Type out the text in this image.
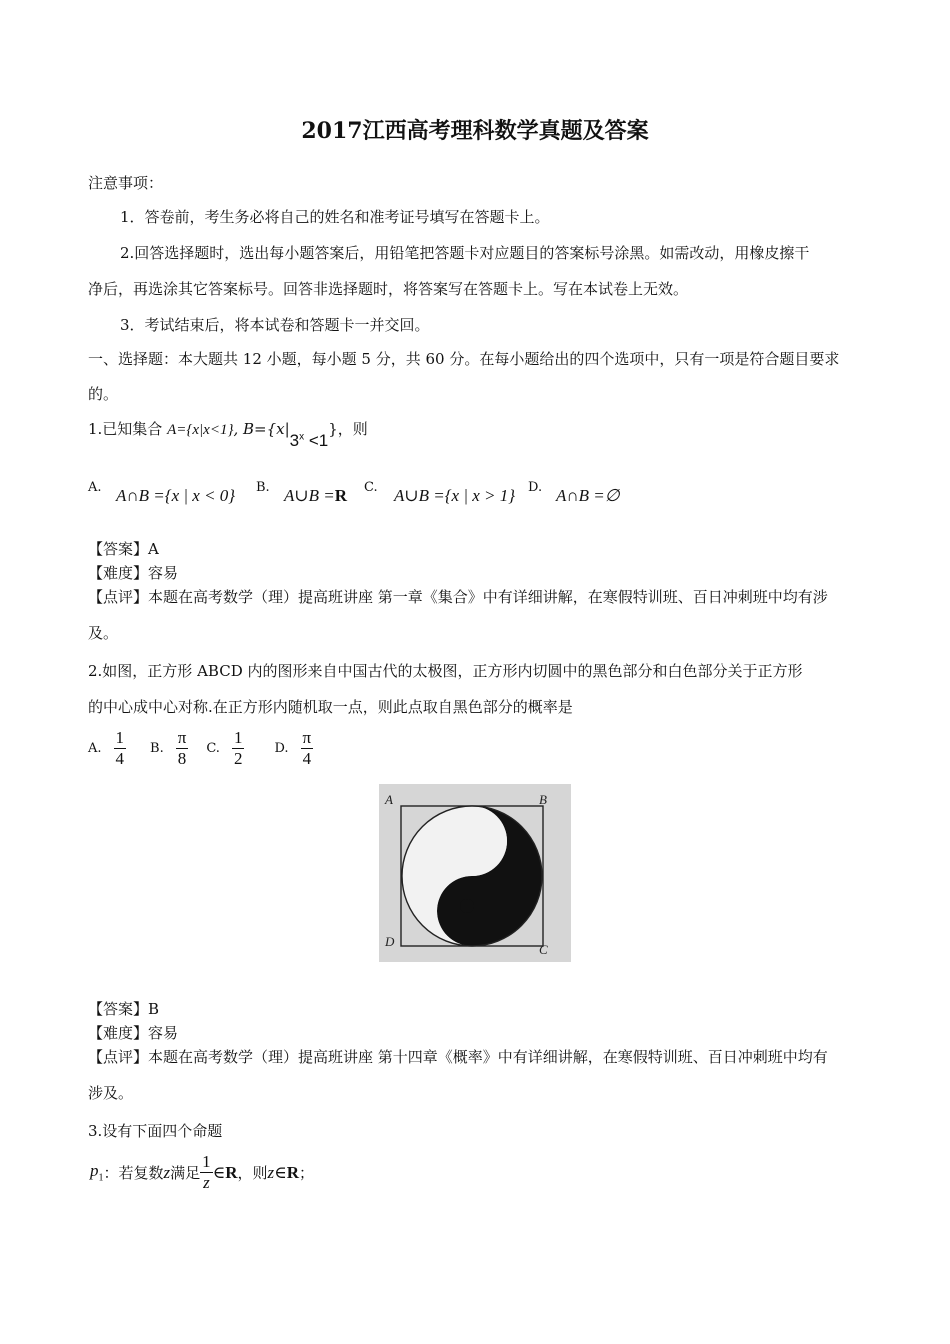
2017江西高考理科数学真题及答案
注意事项：
1．答卷前，考生务必将自己的姓名和准考证号填写在答题卡上。
2.回答选择题时，选出每小题答案后，用铅笔把答题卡对应题目的答案标号涂黑。如需改动，用橡皮擦干
净后，再选涂其它答案标号。回答非选择题时，将答案写在答题卡上。写在本试卷上无效。
3．考试结束后，将本试卷和答题卡一并交回。
一、选择题：本大题共 12 小题，每小题 5 分，共 60 分。在每小题给出的四个选项中，只有一项是符合题目要求
的。
1.已知集合 A={x|x<1}, $B=\{x|3^x <1\}$，则
A. A∩B ={x | x < 0} B. A∪B =R C. A∪B ={x | x > 1} D. A∩B =∅
【答案】A
【难度】容易
【点评】本题在高考数学（理）提高班讲座 第一章《集合》中有详细讲解，在寒假特训班、百日冲刺班中均有涉
及。
2.如图，正方形 ABCD 内的图形来自中国古代的太极图，正方形内切圆中的黑色部分和白色部分关于正方形
的中心成中心对称.在正方形内随机取一点，则此点取自黑色部分的概率是
A. $\frac{1}{4} B$. $\frac{\pi}{8} C$. $\frac{1}{2} D$. $\frac{\pi}{4}$
A	B
C
D
【答案】B
【难度】容易
【点评】本题在高考数学（理）提高班讲座 第十四章《概率》中有详细讲解，在寒假特训班、百日冲刺班中均有
涉及。
3.设有下面四个命题
$p_1$ ：若复数 z 满足 $\frac{1}{z}$ ∈R ，则 z∈R ；
